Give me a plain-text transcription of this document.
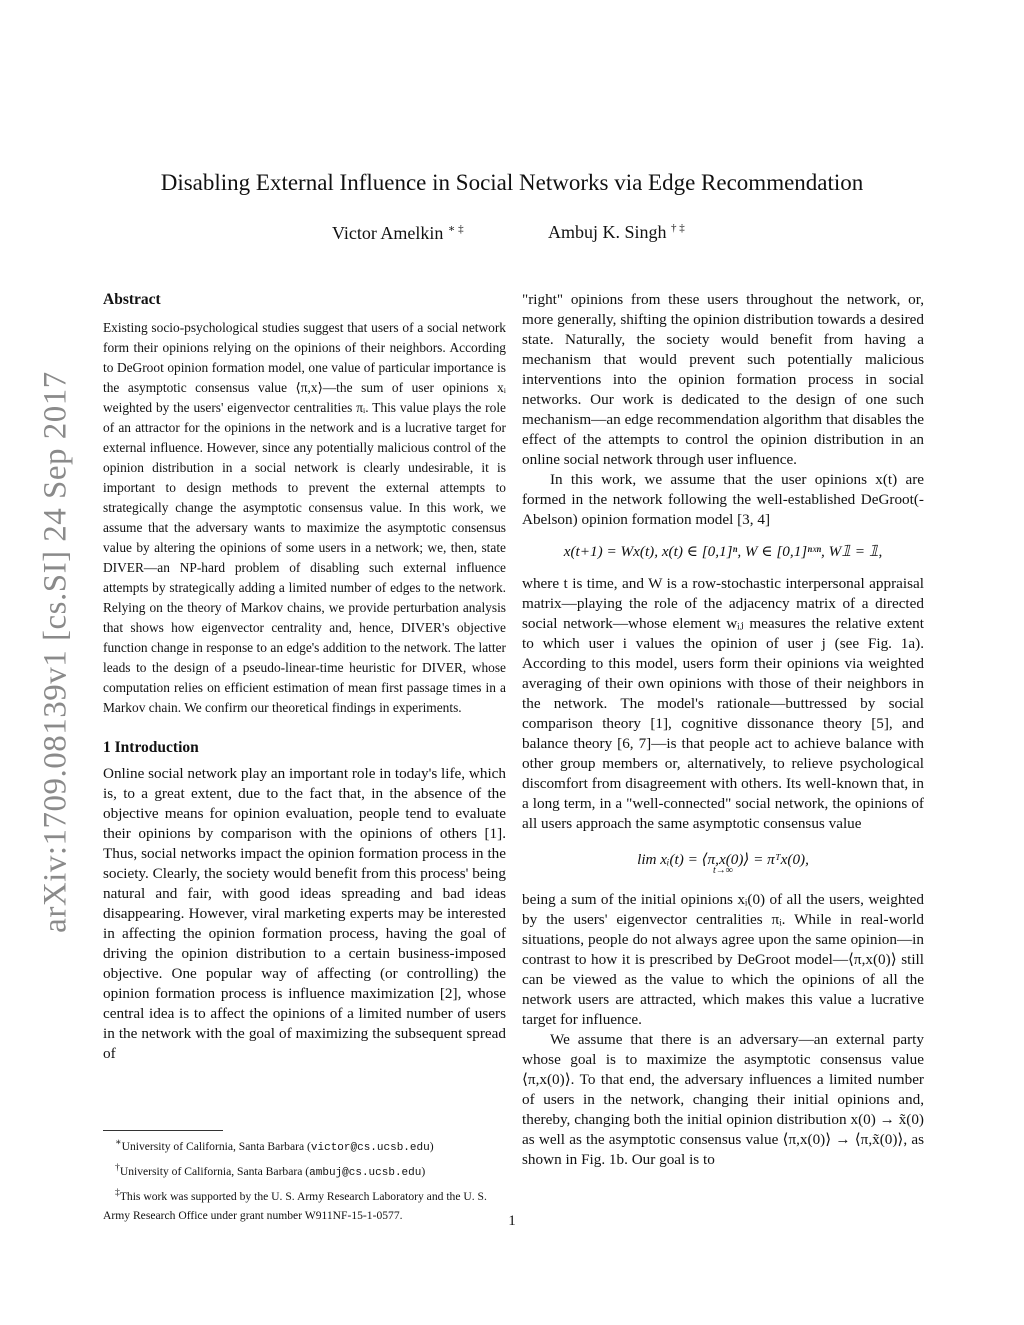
arXiv:1709.08139v1 [cs.SI] 24 Sep 2017
Disabling External Influence in Social Networks via Edge Recommendation
Victor Amelkin ∗ ‡	Ambuj K. Singh † ‡
Abstract

Existing socio-psychological studies suggest that users of a social network form their opinions relying on the opinions of their neighbors. According to DeGroot opinion formation model, one value of particular importance is the asymptotic consensus value ⟨π,x⟩—the sum of user opinions xᵢ weighted by the users' eigenvector centralities πᵢ. This value plays the role of an attractor for the opinions in the network and is a lucrative target for external influence. However, since any potentially malicious control of the opinion distribution in a social network is clearly undesirable, it is important to design methods to prevent the external attempts to strategically change the asymptotic consensus value. In this work, we assume that the adversary wants to maximize the asymptotic consensus value by altering the opinions of some users in a network; we, then, state DIVER—an NP-hard problem of disabling such external influence attempts by strategically adding a limited number of edges to the network. Relying on the theory of Markov chains, we provide perturbation analysis that shows how eigenvector centrality and, hence, DIVER's objective function change in response to an edge's addition to the network. The latter leads to the design of a pseudo-linear-time heuristic for DIVER, whose computation relies on efficient estimation of mean first passage times in a Markov chain. We confirm our theoretical findings in experiments.

1 Introduction

Online social network play an important role in today's life, which is, to a great extent, due to the fact that, in the absence of the objective means for opinion evaluation, people tend to evaluate their opinions by comparison with the opinions of others [1]. Thus, social networks impact the opinion formation process in the society. Clearly, the society would benefit from this process' being natural and fair, with good ideas spreading and bad ideas disappearing. However, viral marketing experts may be interested in affecting the opinion formation process, having the goal of driving the opinion distribution to a certain business-imposed objective. One popular way of affecting (or controlling) the opinion formation process is influence maximization [2], whose central idea is to affect the opinions of a limited number of users in the network with the goal of maximizing the subsequent spread of

"right" opinions from these users throughout the network, or, more generally, shifting the opinion distribution towards a desired state. Naturally, the society would benefit from having a mechanism that would prevent such potentially malicious interventions into the opinion formation process in social networks. Our work is dedicated to the design of one such mechanism—an edge recommendation algorithm that disables the effect of the attempts to control the opinion distribution in an online social network through user influence.

In this work, we assume that the user opinions x(t) are formed in the network following the well-established DeGroot(-Abelson) opinion formation model [3, 4]

x(t+1) = Wx(t), x(t) ∈ [0,1]ⁿ, W ∈ [0,1]ⁿˣⁿ, W𝟙 = 𝟙,

where t is time, and W is a row-stochastic interpersonal appraisal matrix—playing the role of the adjacency matrix of a directed social network—whose element wᵢⱼ measures the relative extent to which user i values the opinion of user j (see Fig. 1a). According to this model, users form their opinions via weighted averaging of their own opinions with those of their neighbors in the network. The model's rationale—buttressed by social comparison theory [1], cognitive dissonance theory [5], and balance theory [6, 7]—is that people act to achieve balance with other group members or, alternatively, to relieve psychological discomfort from disagreement with others. Its well-known that, in a long term, in a "well-connected" social network, the opinions of all users approach the same asymptotic consensus value

lim xᵢ(t) = ⟨π,x(0)⟩ = πᵀx(0),
t→∞

being a sum of the initial opinions xᵢ(0) of all the users, weighted by the users' eigenvector centralities πᵢ. While in real-world situations, people do not always agree upon the same opinion—in contrast to how it is prescribed by DeGroot model—⟨π,x(0)⟩ still can be viewed as the value to which the opinions of all the network users are attracted, which makes this value a lucrative target for influence.

We assume that there is an adversary—an external party whose goal is to maximize the asymptotic consensus value ⟨π,x(0)⟩. To that end, the adversary influences a limited number of users in the network, changing their initial opinions and, thereby, changing both the initial opinion distribution x(0) → x̃(0) as well as the asymptotic consensus value ⟨π,x(0)⟩ → ⟨π,x̃(0)⟩, as shown in Fig. 1b. Our goal is to

∗University of California, Santa Barbara (victor@cs.ucsb.edu)
†University of California, Santa Barbara (ambuj@cs.ucsb.edu)
‡This work was supported by the U. S. Army Research Laboratory and the U. S. Army Research Office under grant number W911NF-15-1-0577.	1
